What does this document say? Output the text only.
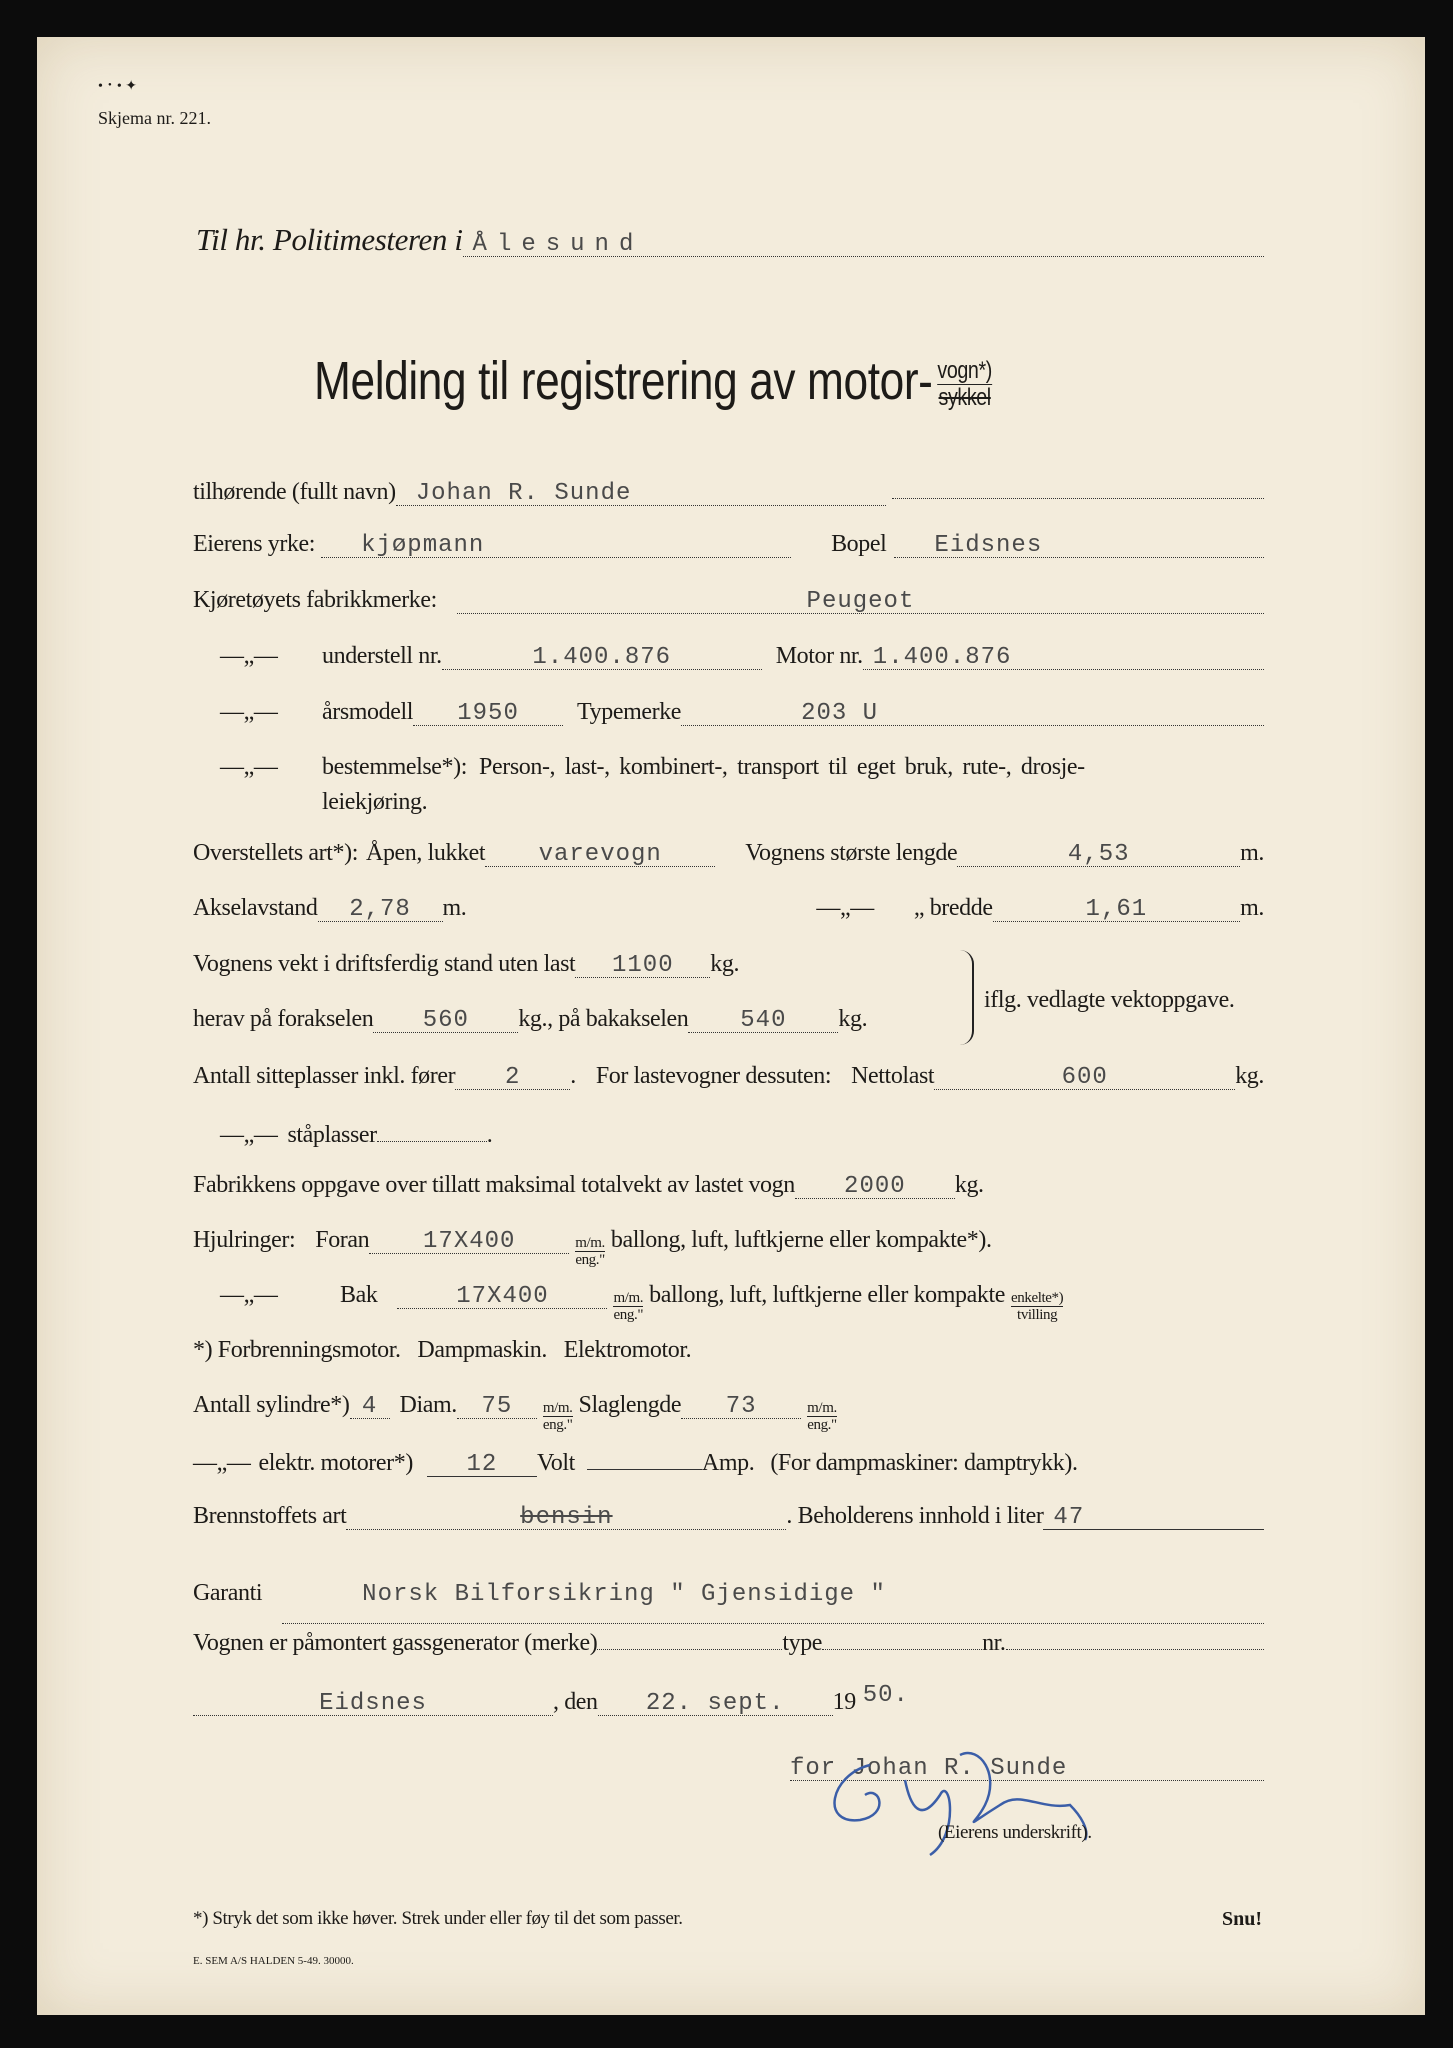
• ･ • ✦
Skjema nr. 221.
Til hr. Politimesteren i Ålesund
Melding til registrering av motor- $\frac{\text{vogn*)}}{\text{sykkel}}$
tilhørende (fullt navn) Johan R. Sunde
Eierens yrke:	kjøpmann	Bopel	Eidsnes
Kjøretøyets fabrikkmerke:	Peugeot
—„—	understell nr.	1.400.876	Motor nr. 1.400.876
—„—	årsmodell	1950	Typemerke	203 U
—„—	bestemmelse*): Person-, last-, kombinert-, transport til eget bruk, rute-, drosje-
leiekjøring.
Overstellets art*): Åpen, lukket	varevogn	Vognens største lengde	4,53	m.
Akselavstand	2,78	m.	—„— „ bredde	1,61	m.
Vognens vekt i driftsferdig stand uten last	1100	kg.
herav på forakselen	560	kg., på bakakselen	540	kg.
iflg. vedlagte vektoppgave.
Antall sitteplasser inkl. fører	2	. For lastevogner dessuten: Nettolast	600	kg.
—„— ståplasser	.
Fabrikkens oppgave over tillatt maksimal totalvekt av lastet vogn	2000	kg.
Hjulringer: Foran	17X400	$\frac{m/m.}{\text{eng."}}$ ballong, luft, luftkjerne eller kompakte*).
—„—	Bak	17X400	$\frac{m/m.}{\text{eng."}}$ ballong, luft, luftkjerne eller kompakte $\frac{\text{enkelte*)}}{\text{tvilling}}$
*) Forbrenningsmotor.   Dampmaskin.   Elektromotor.
Antall sylindre*) 4 Diam.	75	$\frac{m/m.}{\text{eng."}}$ Slaglengde	73	$\frac{m/m.}{\text{eng."}}$
—„— elektr. motorer*)	12	Volt	Amp. (For dampmaskiner: damptrykk).
Brennstoffets art	bensin	. Beholderens innhold i liter 47
Garanti	Norsk Bilforsikring " Gjensidige "
Vognen er påmontert gassgenerator (merke)	type	nr.
Eidsnes	, den	22. sept.	19 50.
for Johan R. Sunde
(Eierens underskrift).
*) Stryk det som ikke høver. Strek under eller føy til det som passer.	Snu!
E. SEM A/S HALDEN 5-49. 30000.
